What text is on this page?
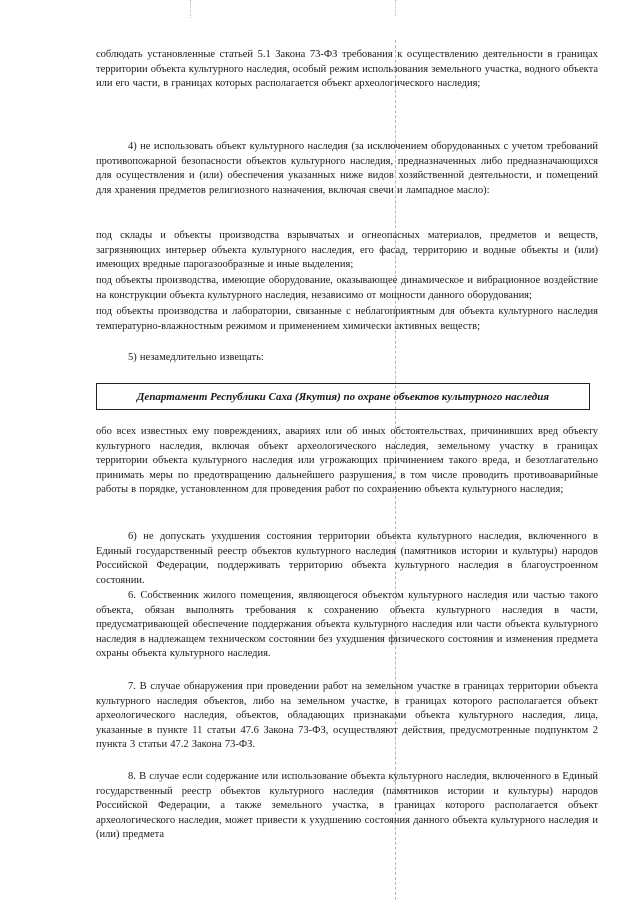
соблюдать установленные статьей 5.1 Закона 73-ФЗ требования к осуществлению деятельности в границах территории объекта культурного наследия, особый режим использования земельного участка, водного объекта или его части, в границах которых располагается объект археологического наследия;

4) не использовать объект культурного наследия (за исключением оборудованных с учетом требований противопожарной безопасности объектов культурного наследия, предназначенных либо предназначающихся для осуществления и (или) обеспечения указанных ниже видов хозяйственной деятельности, и помещений для хранения предметов религиозного назначения, включая свечи и лампадное масло):

под склады и объекты производства взрывчатых и огнеопасных материалов, предметов и веществ, загрязняющих интерьер объекта культурного наследия, его фасад, территорию и водные объекты и (или) имеющих вредные парогазообразные и иные выделения;

под объекты производства, имеющие оборудование, оказывающее динамическое и вибрационное воздействие на конструкции объекта культурного наследия, независимо от мощности данного оборудования;

под объекты производства и лаборатории, связанные с неблагоприятным для объекта культурного наследия температурно-влажностным режимом и применением химически активных веществ;

5) незамедлительно извещать:

Департамент Республики Саха (Якутия) по охране объектов культурного наследия

обо всех известных ему повреждениях, авариях или об иных обстоятельствах, причинивших вред объекту культурного наследия, включая объект археологического наследия, земельному участку в границах территории объекта культурного наследия или угрожающих причинением такого вреда, и безотлагательно принимать меры по предотвращению дальнейшего разрушения, в том числе проводить противоаварийные работы в порядке, установленном для проведения работ по сохранению объекта культурного наследия;

6) не допускать ухудшения состояния территории объекта культурного наследия, включенного в Единый государственный реестр объектов культурного наследия (памятников истории и культуры) народов Российской Федерации, поддерживать территорию объекта культурного наследия в благоустроенном состоянии.

6. Собственник жилого помещения, являющегося объектом культурного наследия или частью такого объекта, обязан выполнять требования к сохранению объекта культурного наследия в части, предусматривающей обеспечение поддержания объекта культурного наследия или части объекта культурного наследия в надлежащем техническом состоянии без ухудшения физического состояния и изменения предмета охраны объекта культурного наследия.

7. В случае обнаружения при проведении работ на земельном участке в границах территории объекта культурного наследия объектов, либо на земельном участке, в границах которого располагается объект археологического наследия, объектов, обладающих признаками объекта культурного наследия, лица, указанные в пункте 11 статьи 47.6 Закона 73-ФЗ, осуществляют действия, предусмотренные подпунктом 2 пункта 3 статьи 47.2 Закона 73-ФЗ.

8. В случае если содержание или использование объекта культурного наследия, включенного в Единый государственный реестр объектов культурного наследия (памятников истории и культуры) народов Российской Федерации, а также земельного участка, в границах которого располагается объект археологического наследия, может привести к ухудшению состояния данного объекта культурного наследия и (или) предмета
